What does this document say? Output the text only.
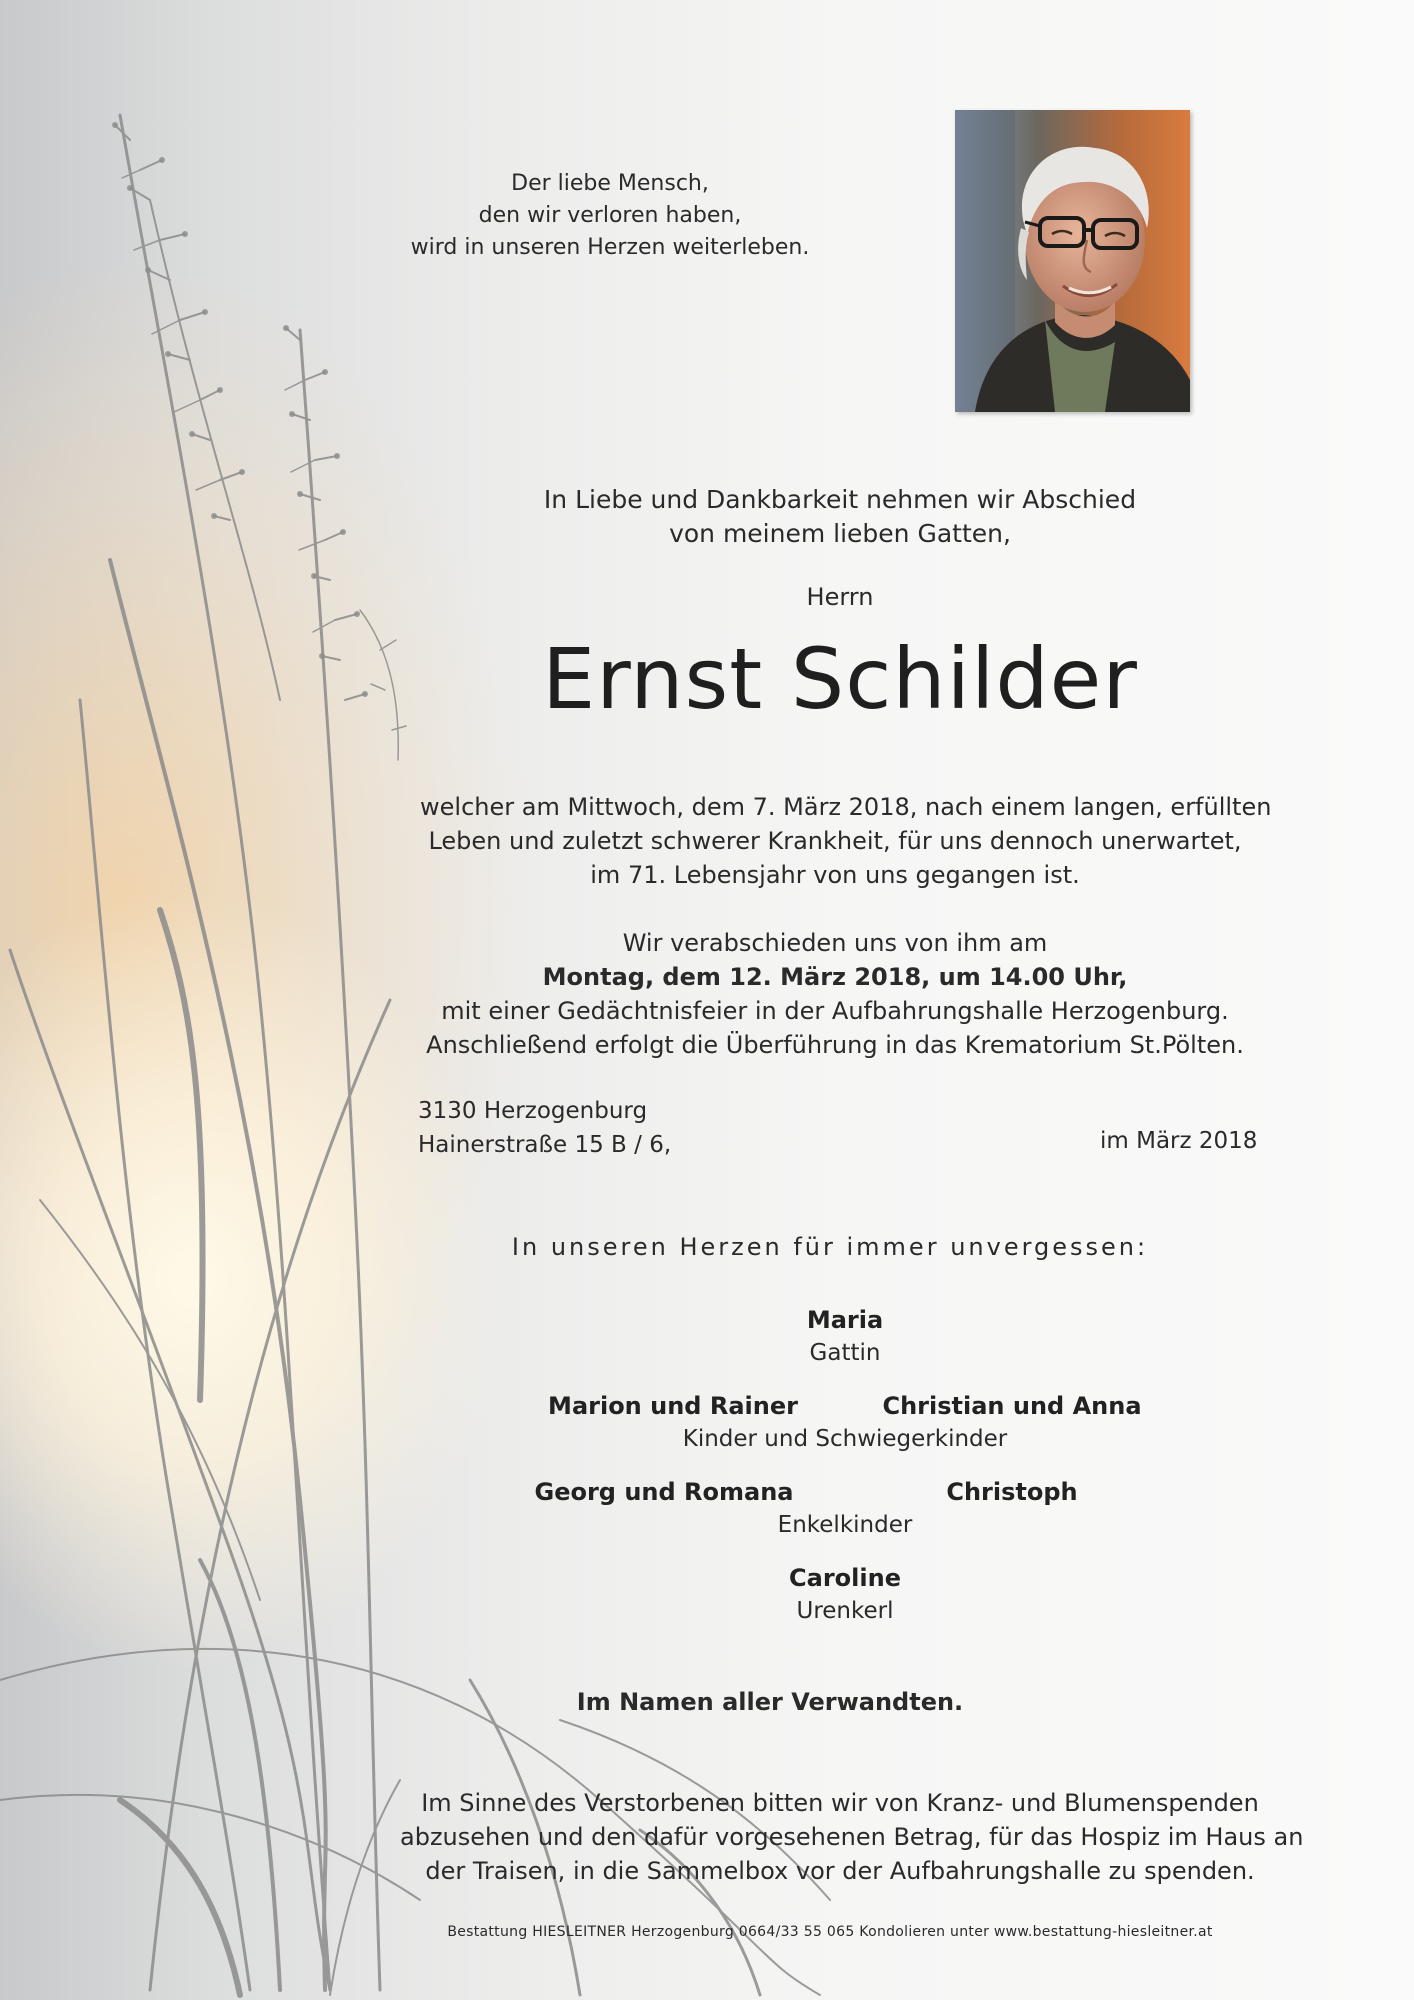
Der liebe Mensch,
den wir verloren haben,
wird in unseren Herzen weiterleben.
In Liebe und Dankbarkeit nehmen wir Abschied
von meinem lieben Gatten,
Herrn
Ernst Schilder
welcher am Mittwoch, dem 7. März 2018, nach einem langen, erfüllten
Leben und zuletzt schwerer Krankheit, für uns dennoch unerwartet,
im 71. Lebensjahr von uns gegangen ist.
Wir verabschieden uns von ihm am
Montag, dem 12. März 2018, um 14.00 Uhr,
mit einer Gedächtnisfeier in der Aufbahrungshalle Herzogenburg.
Anschließend erfolgt die Überführung in das Krematorium St.Pölten.
3130 Herzogenburg
Hainerstraße 15 B / 6,	im März 2018
In unseren Herzen für immer unvergessen:
Maria
Gattin
Marion und Rainer	Christian und Anna
Kinder und Schwiegerkinder
Georg und Romana	Christoph
Enkelkinder
Caroline
Urenkerl
Im Namen aller Verwandten.
Im Sinne des Verstorbenen bitten wir von Kranz- und Blumenspenden
abzusehen und den dafür vorgesehenen Betrag, für das Hospiz im Haus an
der Traisen, in die Sammelbox vor der Aufbahrungshalle zu spenden.
Bestattung HIESLEITNER Herzogenburg 0664/33 55 065 Kondolieren unter www.bestattung-hiesleitner.at
